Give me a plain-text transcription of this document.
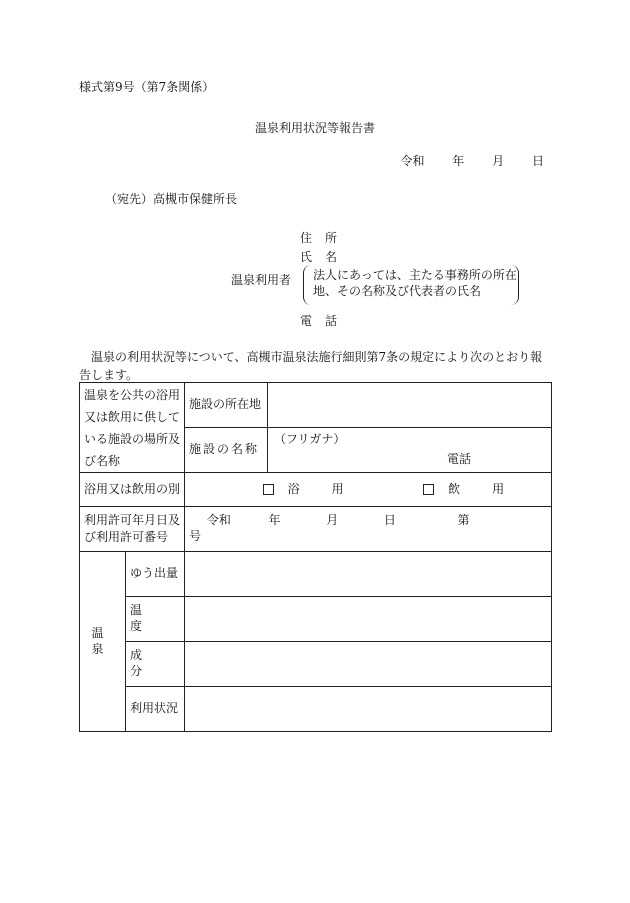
様式第9号（第7条関係）
温泉利用状況等報告書
令和 年 月 日
（宛先）高槻市保健所長
住所
氏名
温泉利用者 法人にあっては、主たる事務所の所在
地、その名称及び代表者の氏名
電話
温泉の利用状況等について、高槻市温泉法施行細則第7条の規定により次のとおり報告します。
温泉を公共の浴用又は飲用に供している施設の場所及び名称		施設の所在地	
		施設の名称	（フリガナ）
電話

浴用又は飲用の別		浴　用 飲　用	
利用許可年月日及び利用許可番号		令和 年 月 日 第  号	
温泉	ゆう出量		
	温　度		
	成　分		
	利用状況		
